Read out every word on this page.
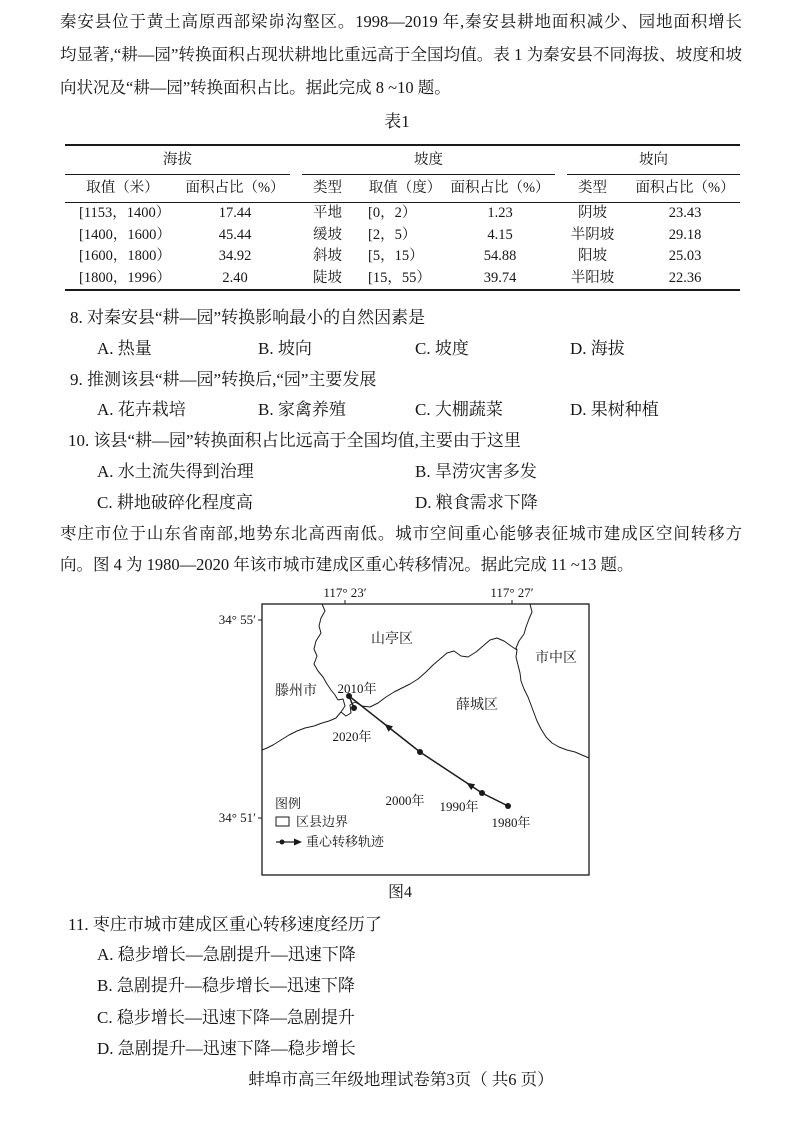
秦安县位于黄土高原西部梁峁沟壑区。1998—2019 年,秦安县耕地面积减少、园地面积增长
均显著,“耕—园”转换面积占现状耕地比重远高于全国均值。表 1 为秦安县不同海拔、坡度和坡
向状况及“耕—园”转换面积占比。据此完成 8 ~10 题。
表1
海拔		坡度			坡向	

取值（米）	面积占比（%）	类型	取值（度）	面积占比（%）	类型	面积占比（%）
[1153，1400）	17.44	平地	[0，2）	1.23	阴坡	23.43
[1400，1600）	45.44	缓坡	[2，5）	4.15	半阴坡	29.18
[1600，1800）	34.92	斜坡	[5，15）	54.88	阳坡	25.03
[1800，1996）	2.40	陡坡	[15，55）	39.74	半阳坡	22.36
8. 对秦安县“耕—园”转换影响最小的自然因素是
A. 热量	B. 坡向	C. 坡度	D. 海拔
9. 推测该县“耕—园”转换后,“园”主要发展
A. 花卉栽培	B. 家禽养殖	C. 大棚蔬菜	D. 果树种植
10. 该县“耕—园”转换面积占比远高于全国均值,主要由于这里
A. 水土流失得到治理	B. 旱涝灾害多发
C. 耕地破碎化程度高	D. 粮食需求下降
枣庄市位于山东省南部,地势东北高西南低。城市空间重心能够表征城市建成区空间转移方
向。图 4 为 1980—2020 年该市城市建成区重心转移情况。据此完成 11 ~13 题。
117° 23′	117° 27′
34° 55′
34° 51′
山亭区
市中区
滕州市
薛城区
1980年
1990年
2000年
2010年
2020年
图例
区县边界
重心转移轨迹
图4
11. 枣庄市城市建成区重心转移速度经历了
A. 稳步增长—急剧提升—迅速下降
B. 急剧提升—稳步增长—迅速下降
C. 稳步增长—迅速下降—急剧提升
D. 急剧提升—迅速下降—稳步增长
蚌埠市高三年级地理试卷第3页（ 共6 页）
